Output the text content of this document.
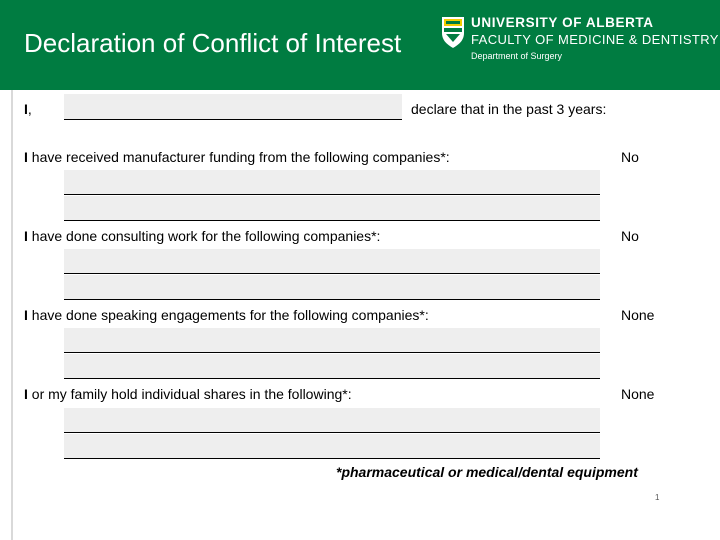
Declaration of Conflict of Interest
UNIVERSITY OF ALBERTA
FACULTY OF MEDICINE & DENTISTRY
Department of Surgery
I,	declare that in the past 3 years:
I have received manufacturer funding from the following companies*:	No
I have done consulting work for the following companies*:	No
I have done speaking engagements for the following companies*:	None
I or my family hold individual shares in the following*:	None
*pharmaceutical or medical/dental equipment
1
